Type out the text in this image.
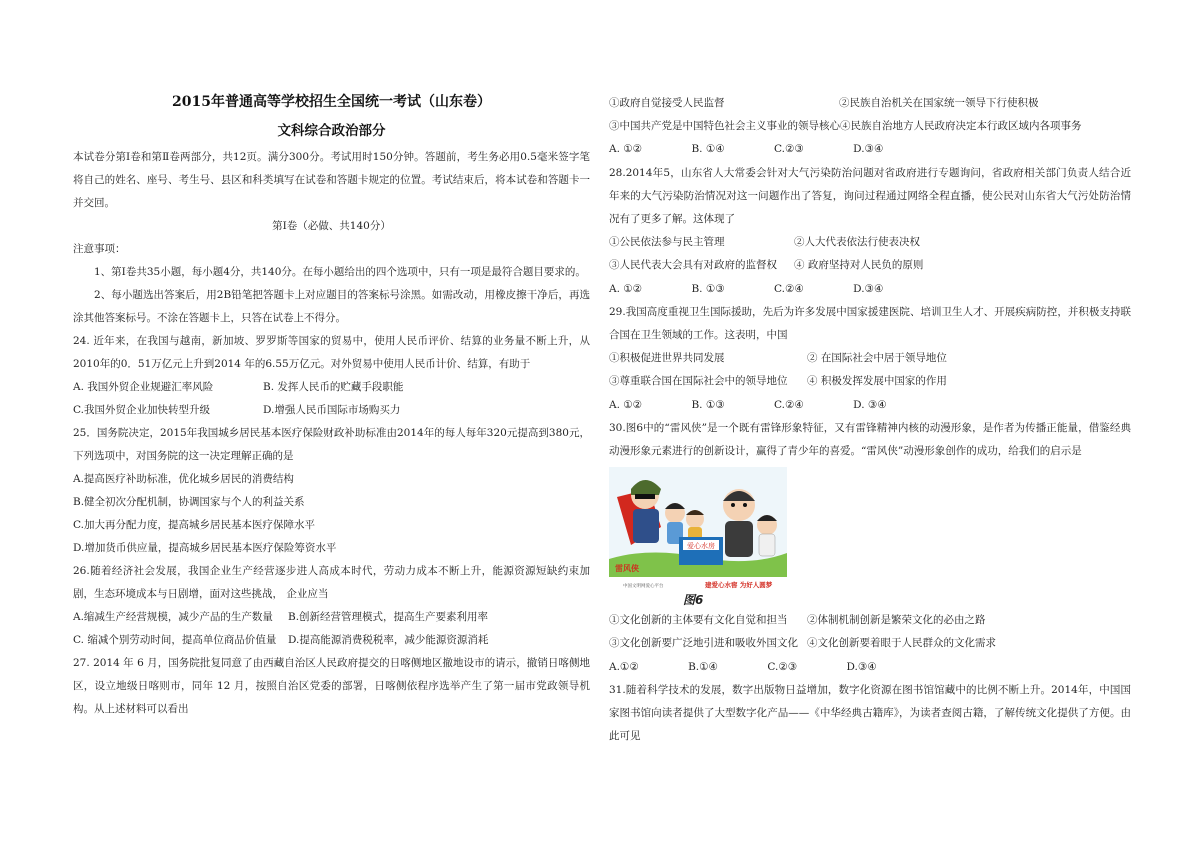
2015年普通高等学校招生全国统一考试（山东卷）
文科综合政治部分
本试卷分第Ⅰ卷和第Ⅱ卷两部分，共12页。满分300分。考试用时150分钟。答题前，考生务必用0.5毫米签字笔将自己的姓名、座号、考生号、县区和科类填写在试卷和答题卡规定的位置。考试结束后，将本试卷和答题卡一并交回。
第Ⅰ卷（必做、共140分）
注意事项：
1、第Ⅰ卷共35小题，每小题4分，共140分。在每小题给出的四个选项中，只有一项是最符合题目要求的。
2、每小题选出答案后，用2B铅笔把答题卡上对应题目的答案标号涂黑。如需改动，用橡皮擦干净后，再选涂其他答案标号。不涂在答题卡上，只答在试卷上不得分。
24. 近年来，在我国与越南，新加坡、罗罗斯等国家的贸易中，使用人民币评价、结算的业务量不断上升，从2010年的0．51万亿元上升到2014 年的6.55万亿元。对外贸易中使用人民币计价、结算，有助于
A. 我国外贸企业规避汇率风险	B. 发挥人民币的贮藏手段职能
C.我国外贸企业加快转型升级	D.增强人民币国际市场购买力
25．国务院决定，2015年我国城乡居民基本医疗保险财政补助标准由2014年的每人每年320元提高到380元，下列选项中，对国务院的这一决定理解正确的是
A.提高医疗补助标准，优化城乡居民的消费结构
B.健全初次分配机制，协调国家与个人的利益关系
C.加大再分配力度，提高城乡居民基本医疗保障水平
D.增加货币供应量，提高城乡居民基本医疗保险筹资水平
26.随着经济社会发展，我国企业生产经营逐步进人高成本时代，劳动力成本不断上升，能源资源短缺约束加剧，生态环境成本与日剧增，面对这些挑战， 企业应当
A.缩减生产经营规模，减少产品的生产数量	B.创新经营管理模式，提高生产要素利用率
C. 缩减个别劳动时间，提高单位商品价值量	D.提高能源消费税税率，减少能源资源消耗
27. 2014 年 6 月，国务院批复同意了由西藏自治区人民政府提交的日喀侧地区撤地设市的请示，撤销日喀侧地区，设立地级日喀则市，同年 12 月，按照自治区党委的部署，日喀侧依程序选举产生了第一届市党政领导机构。从上述材料可以看出
①政府自觉接受人民监督	②民族自治机关在国家统一领导下行使积极
③中国共产党是中国特色社会主义事业的领导核心④民族自治地方人民政府决定本行政区域内各项事务
A. ①②	B. ①④	C.②③	D.③④
28.2014年5，山东省人大常委会针对大气污染防治问题对省政府进行专题询问，省政府相关部门负责人结合近年来的大气污染防治情况对这一问题作出了答复，询问过程通过网络全程直播，使公民对山东省大气污处防治情况有了更多了解。这体现了
①公民依法参与民主管理	②人大代表依法行使表决权
③人民代表大会具有对政府的监督权	④ 政府坚持对人民负的原则
A. ①②	B. ①③	C.②④	D.③④
29.我国高度重视卫生国际援助，先后为许多发展中国家援建医院、培训卫生人才、开展疾病防控，并积极支持联合国在卫生领域的工作。这表明，中国
①积极促进世界共同发展	② 在国际社会中居于领导地位
③尊重联合国在国际社会中的领导地位	④ 积极发挥发展中国家的作用
A. ①②	B. ①③	C.②④	D. ③④
30.图6中的“雷风侠”是一个既有雷锋形象特征，又有雷锋精神内核的动漫形象，是作者为传播正能量，借鉴经典动漫形象元素进行的创新设计，赢得了青少年的喜爱。“雷风侠”动漫形象创作的成功，给我们的启示是
爱心水房
雷风侠
中国文明网爱心平台	建爱心水窖 为好人圆梦
图6
①文化创新的主体要有文化自觉和担当	②体制机制创新是繁荣文化的必由之路
③文化创新要广泛地引进和吸收外国文化 ④文化创新要着眼于人民群众的文化需求
A.①②	B.①④	C.②③	D.③④
31.随着科学技术的发展，数字出版物日益增加，数字化资源在图书馆馆藏中的比例不断上升。2014年，中国国家图书馆向读者提供了大型数字化产品——《中华经典古籍库》，为读者查阅古籍，了解传统文化提供了方便。由此可见
